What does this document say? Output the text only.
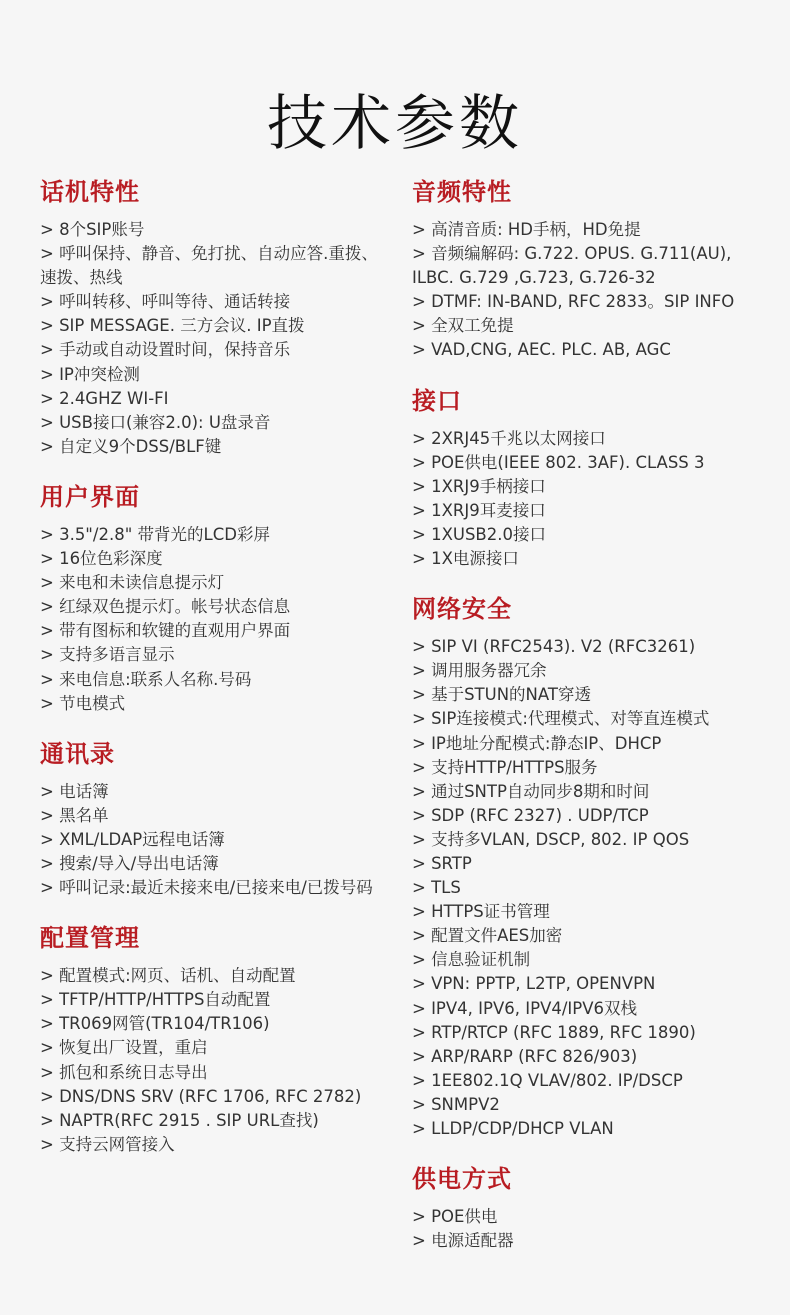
技术参数
话机特性
> 8个SIP账号
> 呼叫保持、静音、免打扰、自动应答.重拨、速拨、热线
> 呼叫转移、呼叫等待、通话转接
> SIP MESSAGE. 三方会议. IP直拨
> 手动或自动设置时间，保持音乐
> IP冲突检测
> 2.4GHZ WI-FI
> USB接口(兼容2.0): U盘录音
> 自定义9个DSS/BLF键
用户界面
> 3.5"/2.8" 带背光的LCD彩屏
> 16位色彩深度
> 来电和未读信息提示灯
> 红绿双色提示灯。帐号状态信息
> 带有图标和软键的直观用户界面
> 支持多语言显示
> 来电信息:联系人名称.号码
> 节电模式
通讯录
> 电话簿
> 黑名单
> XML/LDAP远程电话簿
> 搜索/导入/导出电话簿
> 呼叫记录:最近未接来电/已接来电/已拨号码
配置管理
> 配置模式:网页、话机、自动配置
> TFTP/HTTP/HTTPS自动配置
> TR069网管(TR104/TR106)
> 恢复出厂设置，重启
> 抓包和系统日志导出
> DNS/DNS SRV (RFC 1706, RFC 2782)
> NAPTR(RFC 2915 . SIP URL查找)
> 支持云网管接入
音频特性
> 高清音质: HD手柄，HD免提
> 音频编解码: G.722. OPUS. G.711(AU), ILBC. G.729 ,G.723, G.726-32
> DTMF: IN-BAND, RFC 2833。SIP INFO
> 全双工免提
> VAD,CNG, AEC. PLC. AB, AGC
接口
> 2XRJ45千兆以太网接口
> POE供电(IEEE 802. 3AF). CLASS 3
> 1XRJ9手柄接口
> 1XRJ9耳麦接口
> 1XUSB2.0接口
> 1X电源接口
网络安全
> SIP VI (RFC2543). V2 (RFC3261)
> 调用服务器冗余
> 基于STUN的NAT穿透
> SIP连接模式:代理模式、对等直连模式
> IP地址分配模式:静态IP、DHCP
> 支持HTTP/HTTPS服务
> 通过SNTP自动同步8期和时间
> SDP (RFC 2327) . UDP/TCP
> 支持多VLAN, DSCP, 802. IP QOS
> SRTP
> TLS
> HTTPS证书管理
> 配置文件AES加密
> 信息验证机制
> VPN: PPTP, L2TP, OPENVPN
> IPV4, IPV6, IPV4/IPV6双栈
> RTP/RTCP (RFC 1889, RFC 1890)
> ARP/RARP (RFC 826/903)
> 1EE802.1Q VLAV/802. IP/DSCP
> SNMPV2
> LLDP/CDP/DHCP VLAN
供电方式
> POE供电
> 电源适配器
